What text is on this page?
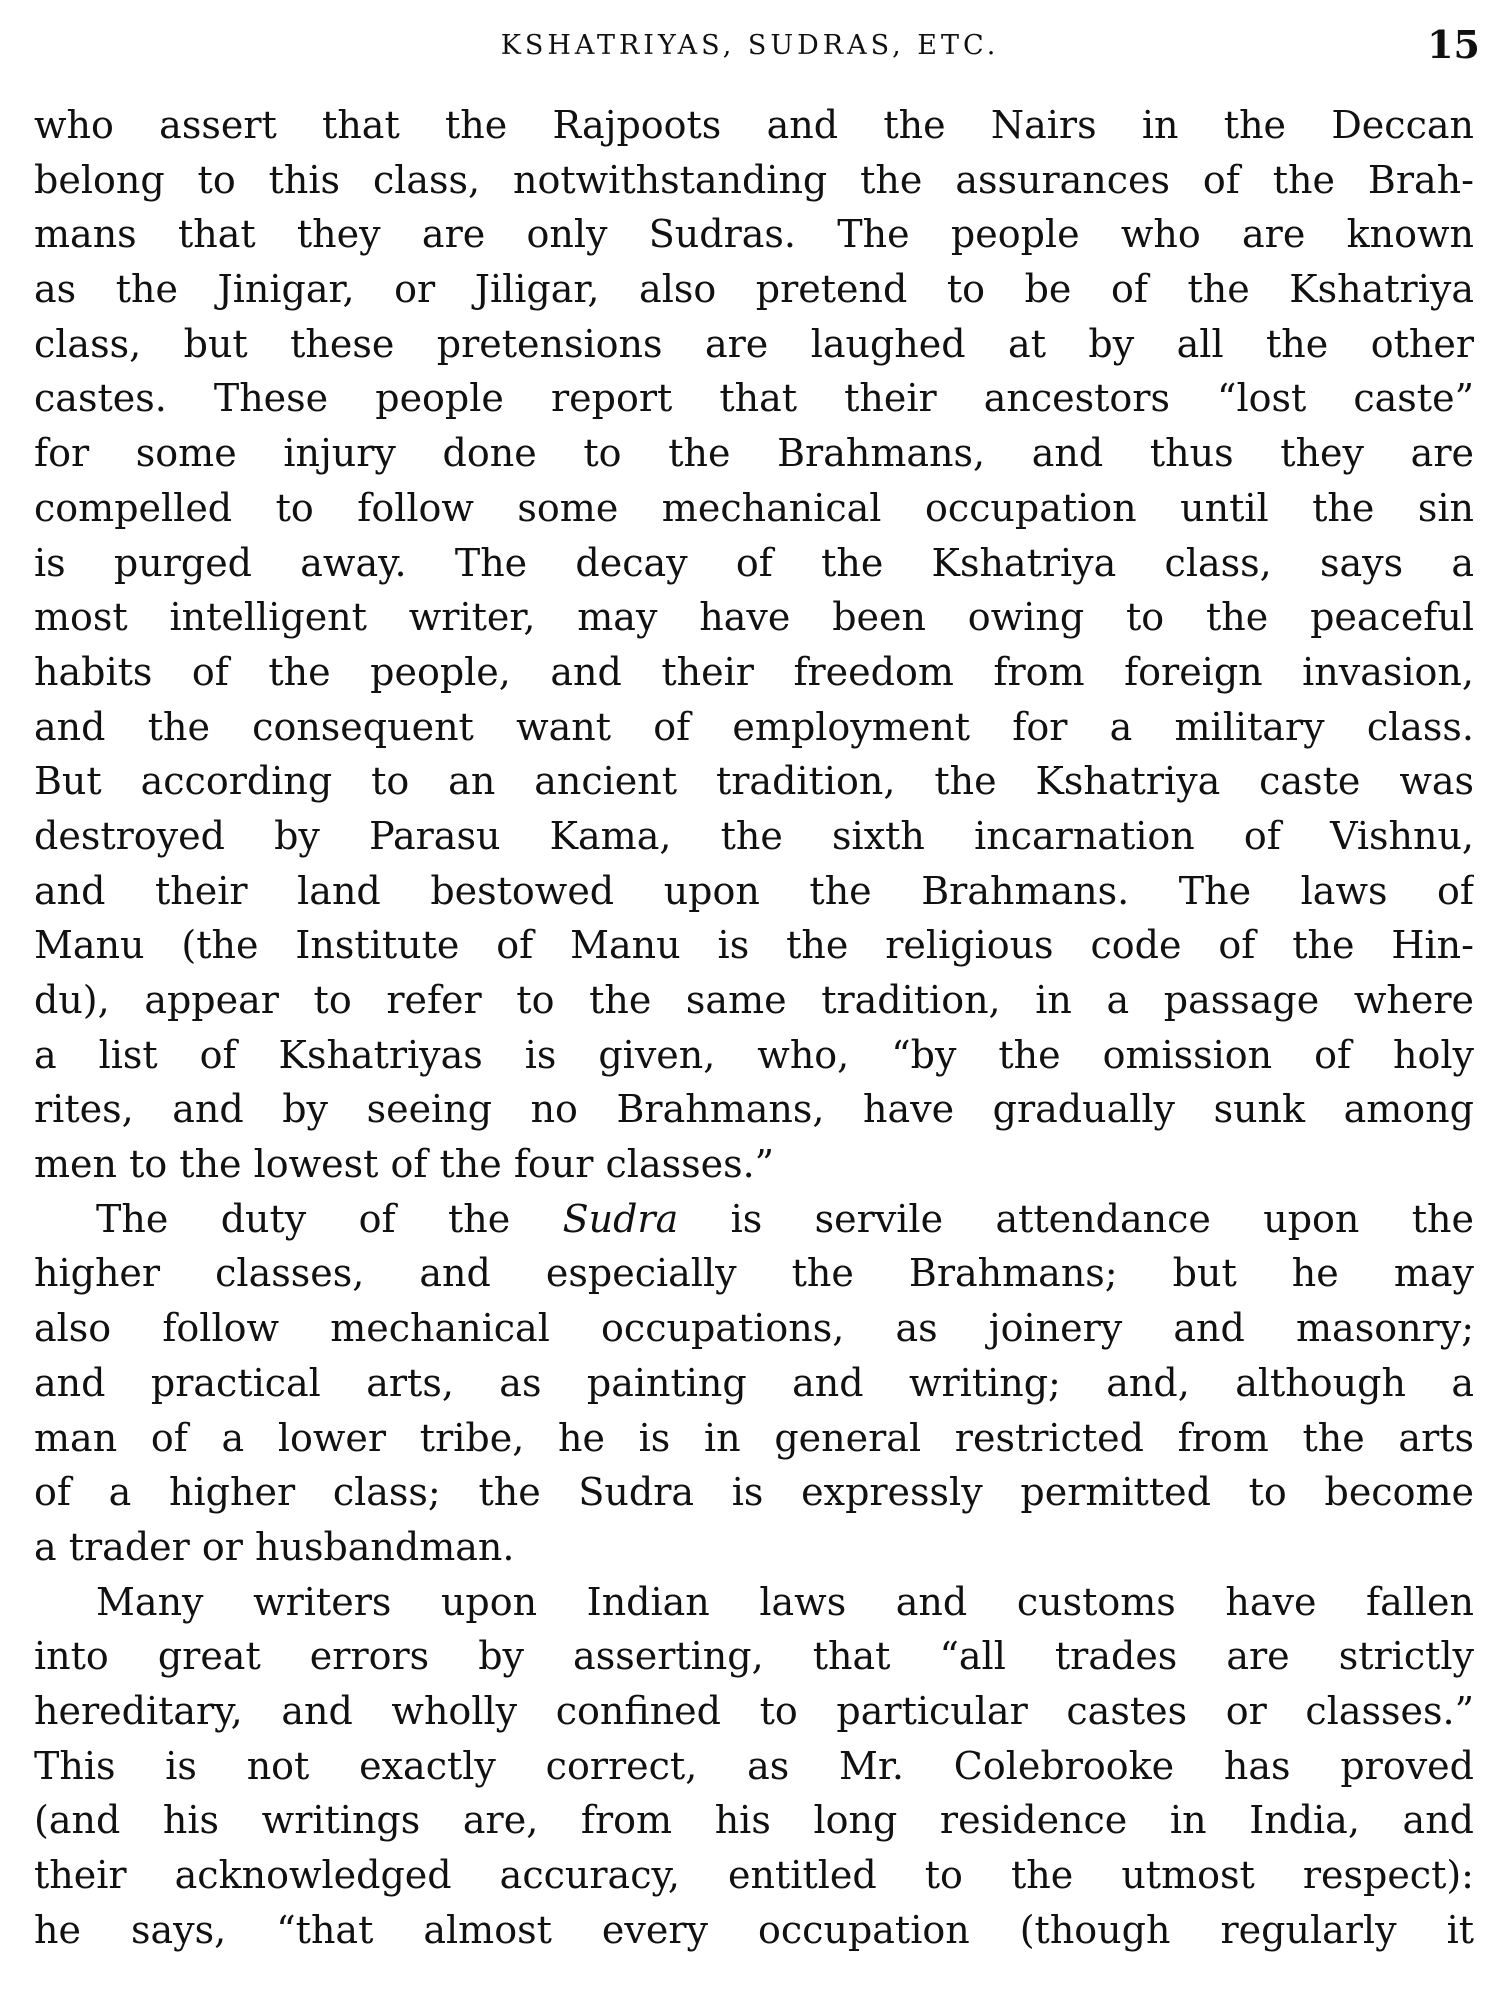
KSHATRIYAS, SUDRAS, ETC.	15
who assert that the Rajpoots and the Nairs in the Deccan
belong to this class, notwithstanding the assurances of the Brah-
mans that they are only Sudras. The people who are known
as the Jinigar, or Jiligar, also pretend to be of the Kshatriya
class, but these pretensions are laughed at by all the other
castes. These people report that their ancestors “lost caste”
for some injury done to the Brahmans, and thus they are
compelled to follow some mechanical occupation until the sin
is purged away. The decay of the Kshatriya class, says a
most intelligent writer, may have been owing to the peaceful
habits of the people, and their freedom from foreign invasion,
and the consequent want of employment for a military class.
But according to an ancient tradition, the Kshatriya caste was
destroyed by Parasu Kama, the sixth incarnation of Vishnu,
and their land bestowed upon the Brahmans. The laws of
Manu (the Institute of Manu is the religious code of the Hin-
du), appear to refer to the same tradition, in a passage where
a list of Kshatriyas is given, who, “by the omission of holy
rites, and by seeing no Brahmans, have gradually sunk among
men to the lowest of the four classes.”
The duty of the Sudra is servile attendance upon the
higher classes, and especially the Brahmans; but he may
also follow mechanical occupations, as joinery and masonry;
and practical arts, as painting and writing; and, although a
man of a lower tribe, he is in general restricted from the arts
of a higher class; the Sudra is expressly permitted to become
a trader or husbandman.
Many writers upon Indian laws and customs have fallen
into great errors by asserting, that “all trades are strictly
hereditary, and wholly confined to particular castes or classes.”
This is not exactly correct, as Mr. Colebrooke has proved
(and his writings are, from his long residence in India, and
their acknowledged accuracy, entitled to the utmost respect):
he says, “that almost every occupation (though regularly it
